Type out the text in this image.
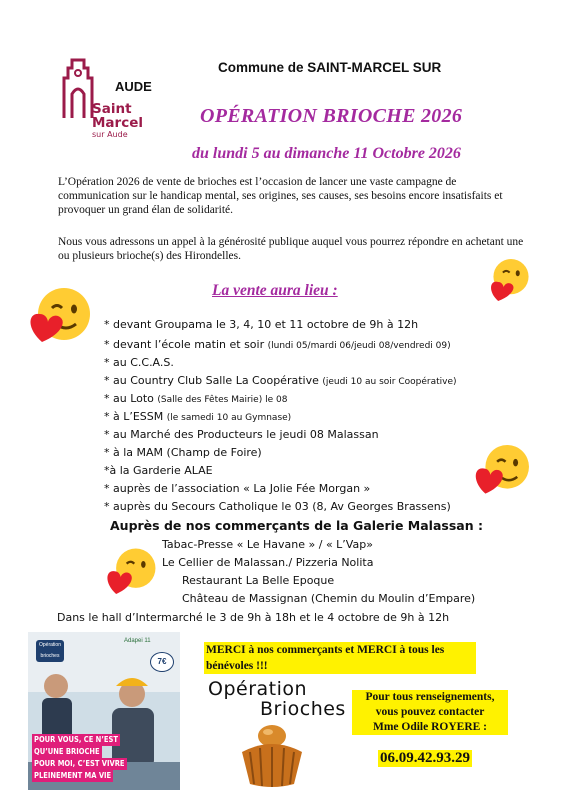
Saint
Marcel
sur Aude
AUDE
Commune de SAINT-MARCEL SUR
OPÉRATION BRIOCHE 2026
du lundi 5 au dimanche 11 Octobre 2026
L’Opération 2026 de vente de brioches est l’occasion de lancer une vaste campagne de communication sur le handicap mental, ses origines, ses causes, ses besoins encore insatisfaits et provoquer un grand élan de solidarité.
Nous vous adressons un appel à la générosité publique auquel vous pourrez répondre en achetant une ou plusieurs brioche(s) des Hirondelles.
La vente aura lieu :
* devant Groupama le 3, 4, 10 et 11 octobre de 9h à 12h
* devant l’école matin et soir (lundi 05/mardi 06/jeudi 08/vendredi 09)
* au C.C.A.S.
* au Country Club Salle La Coopérative (jeudi 10 au soir Coopérative)
* au Loto (Salle des Fêtes Mairie) le 08
* à L’ESSM (le samedi 10 au Gymnase)
* au Marché des Producteurs le jeudi 08 Malassan
* à la MAM (Champ de Foire)
*à la Garderie ALAE
* auprès de l’association « La Jolie Fée Morgan »
* auprès du Secours Catholique le 03 (8, Av Georges Brassens)
Auprès de nos commerçants de la Galerie Malassan :
Tabac-Presse « Le Havane » / « L’Vap»
Le Cellier de Malassan./ Pizzeria Nolita
Restaurant La Belle Epoque
Château de Massignan (Chemin du Moulin d’Empare)
Dans le hall d’Intermarché le 3 de 9h à 18h et le 4 octobre de 9h à 12h
Opération brioches
Adapei 11
7€
POUR VOUS, CE N’EST
QU’UNE BRIOCHE
POUR MOI, C’EST VIVRE
PLEINEMENT MA VIE
MERCI à nos commerçants et MERCI à tous les bénévoles !!!
Opération
Brioches
Pour tous renseignements,
vous pouvez contacter
Mme Odile ROYERE :
06.09.42.93.29
